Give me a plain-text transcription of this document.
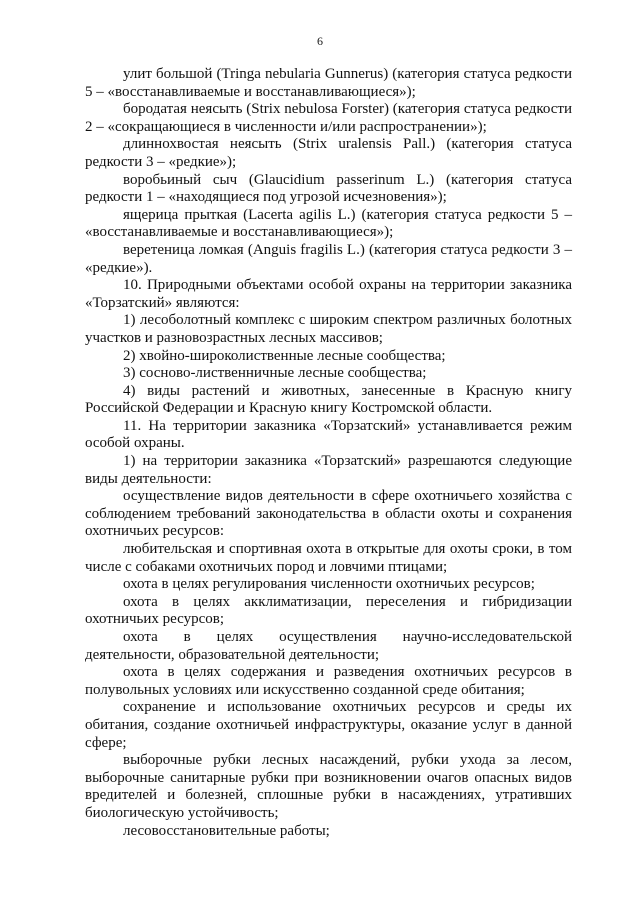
6

улит большой (Tringa nebularia Gunnerus) (категория статуса редкости 5 – «восстанавливаемые и восстанавливающиеся»);

бородатая неясыть (Strix nebulosa Forster) (категория статуса редкости 2 – «сокращающиеся в численности и/или распространении»);

длиннохвостая неясыть (Strix uralensis Pall.) (категория статуса редкости 3 – «редкие»);

воробьиный сыч (Glaucidium passerinum L.) (категория статуса редкости 1 – «находящиеся под угрозой исчезновения»);

ящерица прыткая (Lacerta agilis L.) (категория статуса редкости 5 – «восстанавливаемые и восстанавливающиеся»);

веретеница ломкая (Anguis fragilis L.) (категория статуса редкости 3 – «редкие»).

10. Природными объектами особой охраны на территории заказника «Торзатский» являются:

1) лесоболотный комплекс с широким спектром различных болотных участков и разновозрастных лесных массивов;

2) хвойно-широколиственные лесные сообщества;

3) сосново-лиственничные лесные сообщества;

4) виды растений и животных, занесенные в Красную книгу Российской Федерации и Красную книгу Костромской области.

11. На территории заказника «Торзатский» устанавливается режим особой охраны.

1) на территории заказника «Торзатский» разрешаются следующие виды деятельности:

осуществление видов деятельности в сфере охотничьего хозяйства с соблюдением требований законодательства в области охоты и сохранения охотничьих ресурсов:

любительская и спортивная охота в открытые для охоты сроки, в том числе с собаками охотничьих пород и ловчими птицами;

охота в целях регулирования численности охотничьих ресурсов;

охота в целях акклиматизации, переселения и гибридизации охотничьих ресурсов;

охота в целях осуществления научно-исследовательской деятельности, образовательной деятельности;

охота в целях содержания и разведения охотничьих ресурсов в полувольных условиях или искусственно созданной среде обитания;

сохранение и использование охотничьих ресурсов и среды их обитания, создание охотничьей инфраструктуры, оказание услуг в данной сфере;

выборочные рубки лесных насаждений, рубки ухода за лесом, выборочные санитарные рубки при возникновении очагов опасных видов вредителей и болезней, сплошные рубки в насаждениях, утративших биологическую устойчивость;

лесовосстановительные работы;
